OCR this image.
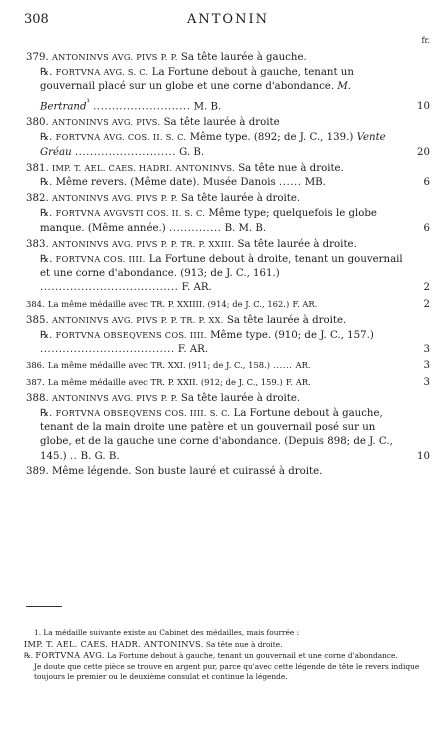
308	ANTONIN
fr.
379. ANTONINVS AVG. PIVS P. P. Sa tête laurée à gauche.
℞. FORTVNA AVG. S. C. La Fortune debout à gauche, tenant un gouvernail placé sur un globe et une corne d'abondance. M. Bertrand$^{^1}$ .......................... M. B.	10
380. ANTONINVS AVG. PIVS. Sa tête laurée à droite
℞. FORTVNA AVG. COS. II. S. C. Même type. (892; de J. C., 139.) Vente Gréau ........................... G. B.	20
381. IMP. T. AEL. CAES. HADRI. ANTONINVS. Sa tête nue à droite.
℞. Même revers. (Même date). Musée Danois ...... MB.	6
382. ANTONINVS AVG. PIVS P. P. Sa tête laurée à droite.
℞. FORTVNA AVGVSTI COS. II. S. C. Même type; quelquefois le globe manque. (Même année.) .............. B. M. B.	6
383. ANTONINVS AVG. PIVS P. P. TR. P. XXIII. Sa tête laurée à droite.
℞. FORTVNA COS. IIII. La Fortune debout à droite, tenant un gouvernail et une corne d'abondance. (913; de J. C., 161.) ..................................... F. AR.	2
384. La même médaille avec TR. P. XXIIII. (914; de J. C., 162.) F. AR.	2
385. ANTONINVS AVG. PIVS P. P. TR. P. XX. Sa tête laurée à droite.
℞. FORTVNA OBSEQVENS COS. IIII. Même type. (910; de J. C., 157.) .................................... F. AR.	3
386. La même médaille avec TR. XXI. (911; de J. C., 158.) ...... AR.	3
387. La même médaille avec TR. P. XXII. (912; de J. C., 159.) F. AR.	3
388. ANTONINVS AVG. PIVS P. P. Sa tête laurée à droite.
℞. FORTVNA OBSEQVENS COS. IIII. S. C. La Fortune debout à gauche, tenant de la main droite une patère et un gouvernail posé sur un globe, et de la gauche une corne d'abondance. (Depuis 898; de J. C., 145.) .. B. G. B.	10
389. Même légende. Son buste lauré et cuirassé à droite.

1. La médaille suivante existe au Cabinet des médailles, mais fourrée :

IMP. T. AEL. CAES. HADR. ANTONINVS. Sa tête nue à droite.

℞. FORTVNA AVG. La Fortune debout à gauche, tenant un gouvernail et une corne d'abondance.

Je doute que cette pièce se trouve en argent pur, parce qu'avec cette légende de tête le revers indique toujours le premier ou le deuxième consulat et continue la légende.
